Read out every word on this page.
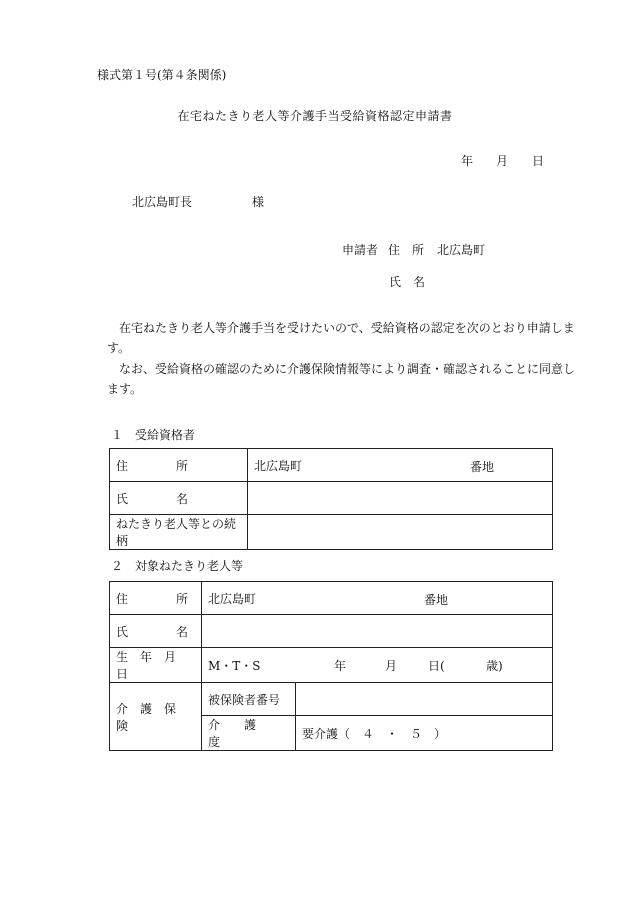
様式第１号(第４条関係)
在宅ねたきり老人等介護手当受給資格認定申請書
年 月 日
北広島町長	様
申請者 住　所 北広島町
氏　名
在宅ねたきり老人等介護手当を受けたいので、受給資格の認定を次のとおり申請します。
なお、受給資格の確認のために介護保険情報等により調査・確認されることに同意します。
１　受給資格者
住　　　　所	北広島町 番地

氏　　　　名	
ねたきり老人等との続柄	
２　対象ねたきり老人等
住　　　　所	北広島町 番地	

氏　　　　名		
生　年　月　日	M・T・S 年 月 日( 歳)	

介　護　保　険	被保険者番号	
	介　　護　　度	要介護（　４　・　５　）
